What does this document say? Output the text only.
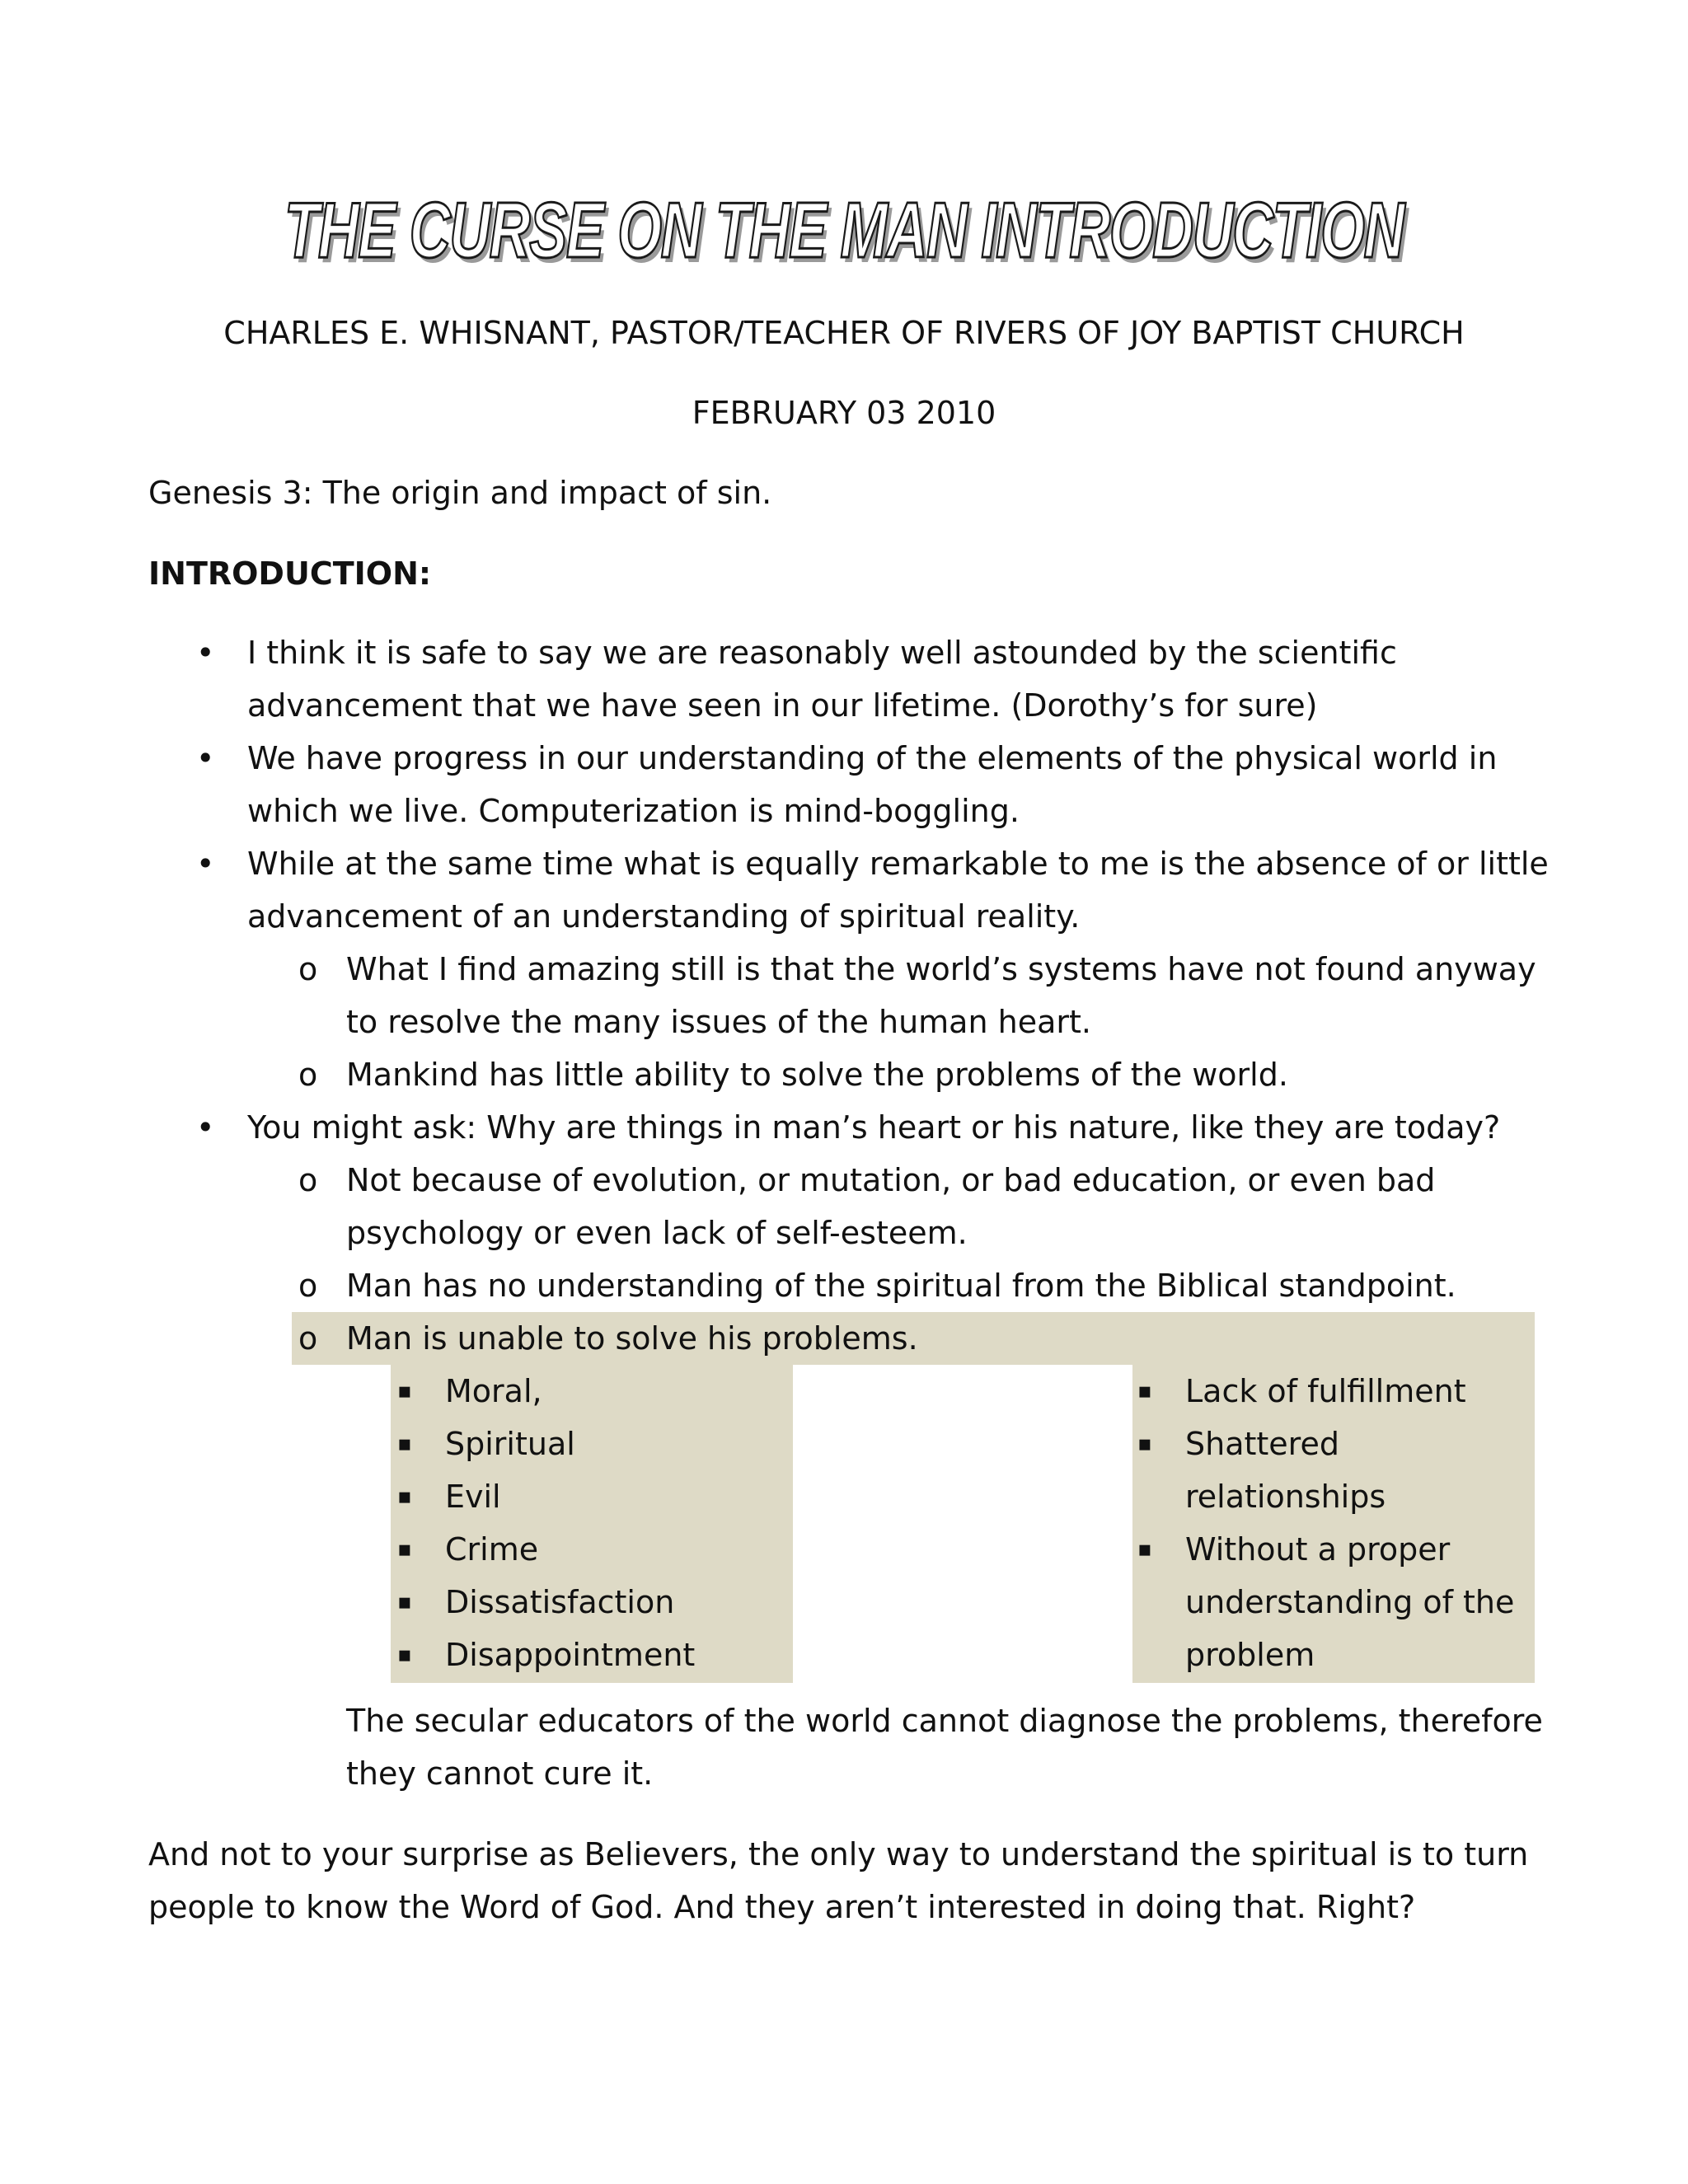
THE CURSE ON THE MAN INTRODUCTION
CHARLES E. WHISNANT, PASTOR/TEACHER OF RIVERS OF JOY BAPTIST CHURCH
FEBRUARY 03 2010
Genesis 3: The origin and impact of sin.
INTRODUCTION:
• I think it is safe to say we are reasonably well astounded by the scientific
advancement that we have seen in our lifetime. (Dorothy’s for sure)
• We have progress in our understanding of the elements of the physical world in
which we live. Computerization is mind-boggling.
• While at the same time what is equally remarkable to me is the absence of or little
advancement of an understanding of spiritual reality.
o What I find amazing still is that the world’s systems have not found anyway
to resolve the many issues of the human heart.
o Mankind has little ability to solve the problems of the world.
• You might ask: Why are things in man’s heart or his nature, like they are today?
o Not because of evolution, or mutation, or bad education, or even bad
psychology or even lack of self-esteem.
o Man has no understanding of the spiritual from the Biblical standpoint.
o Man is unable to solve his problems.
▪ Moral,
▪ Spiritual
▪ Evil
▪ Crime
▪ Dissatisfaction
▪ Disappointment
▪ Lack of fulfillment
▪ Shattered
relationships
▪ Without a proper
understanding of the
problem
The secular educators of the world cannot diagnose the problems, therefore
they cannot cure it.
And not to your surprise as Believers, the only way to understand the spiritual is to turn
people to know the Word of God. And they aren’t interested in doing that. Right?
